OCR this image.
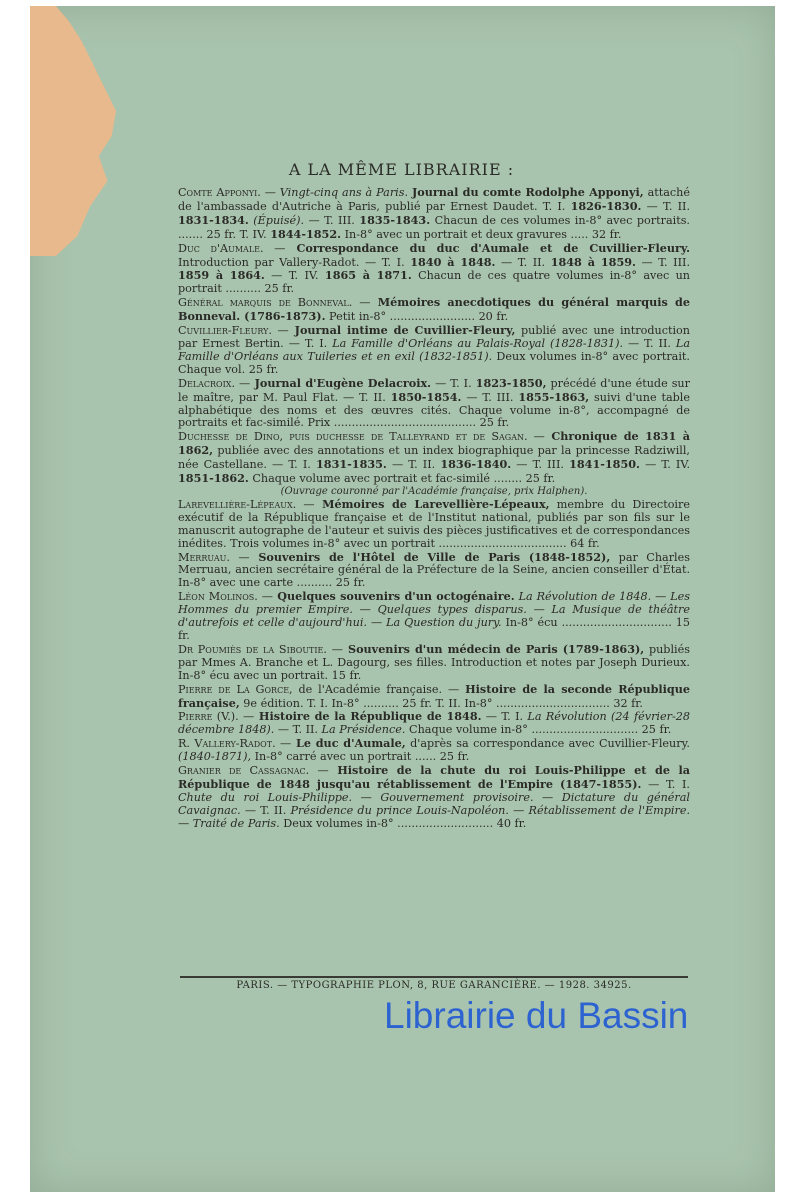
A LA MÊME LIBRAIRIE :

Comte Apponyi. — Vingt-cinq ans à Paris. Journal du comte Rodolphe Apponyi, attaché de l'ambassade d'Autriche à Paris, publié par Ernest Daudet. T. I. 1826-1830. — T. II. 1831-1834. (Épuisé). — T. III. 1835-1843. Chacun de ces volumes in-8° avec portraits. ....... 25 fr. T. IV. 1844-1852. In-8° avec un portrait et deux gravures ..... 32 fr.

Duc d'Aumale. — Correspondance du duc d'Aumale et de Cuvillier-Fleury. Introduction par Vallery-Radot. — T. I. 1840 à 1848. — T. II. 1848 à 1859. — T. III. 1859 à 1864. — T. IV. 1865 à 1871. Chacun de ces quatre volumes in-8° avec un portrait .......... 25 fr.

Général marquis de Bonneval. — Mémoires anecdotiques du général marquis de Bonneval. (1786-1873). Petit in-8° ........................ 20 fr.

Cuvillier-Fleury. — Journal intime de Cuvillier-Fleury, publié avec une introduction par Ernest Bertin. — T. I. La Famille d'Orléans au Palais-Royal (1828-1831). — T. II. La Famille d'Orléans aux Tuileries et en exil (1832-1851). Deux volumes in-8° avec portrait. Chaque vol. 25 fr.

Delacroix. — Journal d'Eugène Delacroix. — T. I. 1823-1850, précédé d'une étude sur le maître, par M. Paul Flat. — T. II. 1850-1854. — T. III. 1855-1863, suivi d'une table alphabétique des noms et des œuvres cités. Chaque volume in-8°, accompagné de portraits et fac-similé. Prix ........................................ 25 fr.

Duchesse de Dino, puis duchesse de Talleyrand et de Sagan. — Chronique de 1831 à 1862, publiée avec des annotations et un index biographique par la princesse Radziwill, née Castellane. — T. I. 1831-1835. — T. II. 1836-1840. — T. III. 1841-1850. — T. IV. 1851-1862. Chaque volume avec portrait et fac-similé ........ 25 fr.

(Ouvrage couronné par l'Académie française, prix Halphen).

Larevellière-Lépeaux. — Mémoires de Larevellière-Lépeaux, membre du Directoire exécutif de la République française et de l'Institut national, publiés par son fils sur le manuscrit autographe de l'auteur et suivis des pièces justificatives et de correspondances inédites. Trois volumes in-8° avec un portrait .................................... 64 fr.

Merruau. — Souvenirs de l'Hôtel de Ville de Paris (1848-1852), par Charles Merruau, ancien secrétaire général de la Préfecture de la Seine, ancien conseiller d'État. In-8° avec une carte .......... 25 fr.

Léon Molinos. — Quelques souvenirs d'un octogénaire. La Révolution de 1848. — Les Hommes du premier Empire. — Quelques types disparus. — La Musique de théâtre d'autrefois et celle d'aujourd'hui. — La Question du jury. In-8° écu ............................... 15 fr.

Dr Poumiès de la Siboutie. — Souvenirs d'un médecin de Paris (1789-1863), publiés par Mmes A. Branche et L. Dagourg, ses filles. Introduction et notes par Joseph Durieux. In-8° écu avec un portrait. 15 fr.

Pierre de La Gorce, de l'Académie française. — Histoire de la seconde République française, 9e édition. T. I. In-8° .......... 25 fr. T. II. In-8° ................................ 32 fr.

Pierre (V.). — Histoire de la République de 1848. — T. I. La Révolution (24 février-28 décembre 1848). — T. II. La Présidence. Chaque volume in-8° .............................. 25 fr.

R. Vallery-Radot. — Le duc d'Aumale, d'après sa correspondance avec Cuvillier-Fleury. (1840-1871), In-8° carré avec un portrait ...... 25 fr.

Granier de Cassagnac. — Histoire de la chute du roi Louis-Philippe et de la République de 1848 jusqu'au rétablissement de l'Empire (1847-1855). — T. I. Chute du roi Louis-Philippe. — Gouvernement provisoire. — Dictature du général Cavaignac. — T. II. Présidence du prince Louis-Napoléon. — Rétablissement de l'Empire. — Traité de Paris. Deux volumes in-8° ........................... 40 fr.

PARIS. — TYPOGRAPHIE PLON, 8, RUE GARANCIÈRE. — 1928. 34925.
Librairie du Bassin
